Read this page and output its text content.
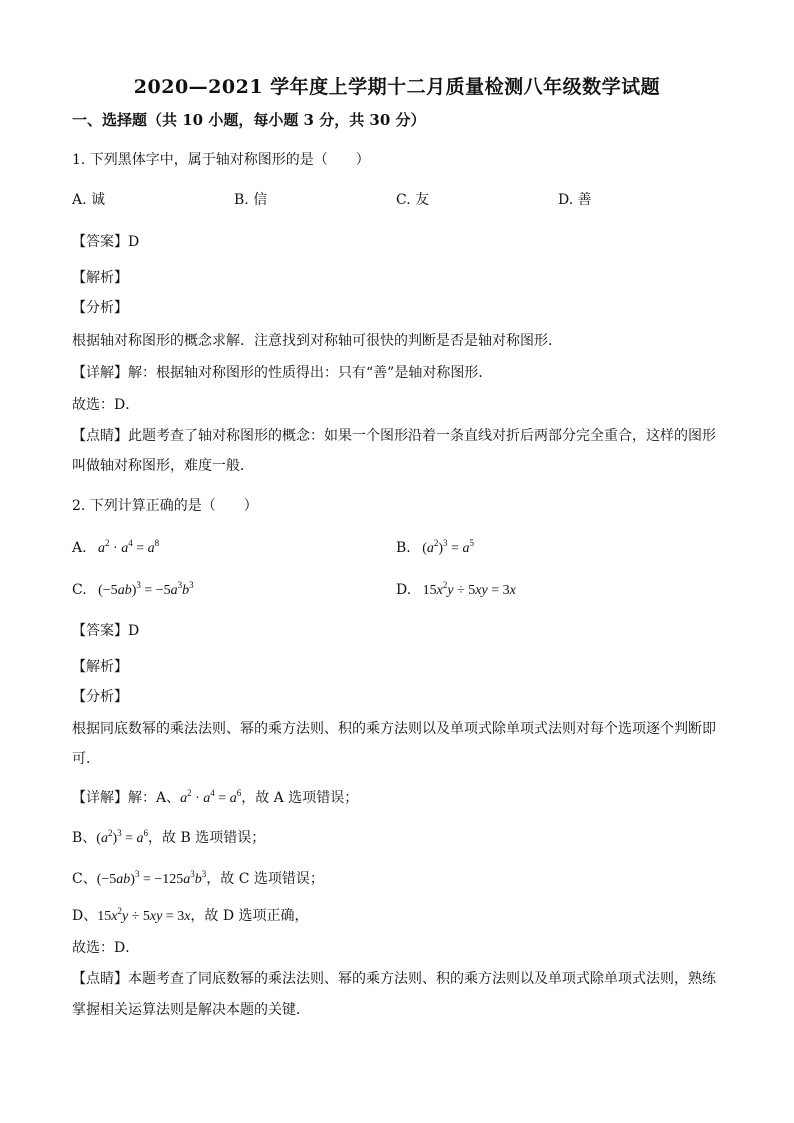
2020—2021 学年度上学期十二月质量检测八年级数学试题
一、选择题（共 10 小题，每小题 3 分，共 30 分）
1. 下列黑体字中，属于轴对称图形的是（　　）
A. 诚	B. 信	C. 友	D. 善
【答案】D
【解析】
【分析】
根据轴对称图形的概念求解．注意找到对称轴可很快的判断是否是轴对称图形．
【详解】解：根据轴对称图形的性质得出：只有“善”是轴对称图形．
故选：D．
【点睛】此题考查了轴对称图形的概念：如果一个图形沿着一条直线对折后两部分完全重合，这样的图形
叫做轴对称图形，难度一般．
2. 下列计算正确的是（　　）
A.   $a^2 \cdot a^4 = a^8$	B. $(a^2)^3 = a^5$
C. $(-5ab)^3 = -5a^3b^3$	D. $15x^2y \div 5xy = 3x$
【答案】D
【解析】
【分析】
根据同底数幂的乘法法则、幂的乘方法则、积的乘方法则以及单项式除单项式法则对每个选项逐个判断即
可．
【详解】解：A、$a^2 \cdot a^4 = a^6$，故 A 选项错误；
B、$(a^2)^3 = a^6$，故 B 选项错误；
C、$(-5ab)^3 = -125a^3b^3$，故 C 选项错误；
D、$15x^2y \div 5xy = 3x$，故 D 选项正确，
故选：D．
【点睛】本题考查了同底数幂的乘法法则、幂的乘方法则、积的乘方法则以及单项式除单项式法则，熟练
掌握相关运算法则是解决本题的关键．
